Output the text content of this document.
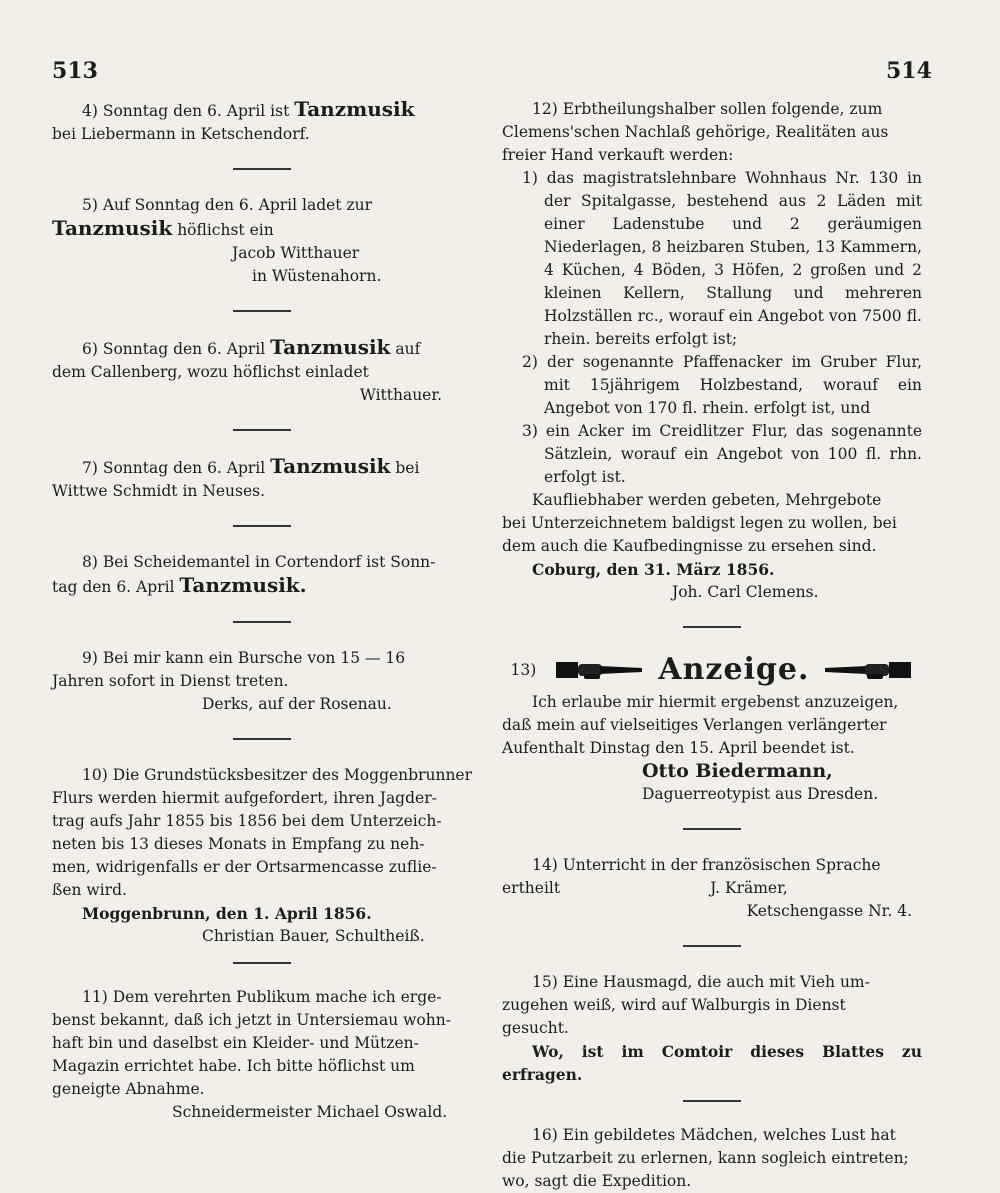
513	514

4) Sonntag den 6. April ist Tanzmusik

bei Liebermann in Ketschendorf.

5) Auf Sonntag den 6. April ladet zur

Tanzmusik höflichst ein

Jacob Witthauer

in Wüstenahorn.

6) Sonntag den 6. April Tanzmusik auf

dem Callenberg, wozu höflichst einladet

Witthauer.

7) Sonntag den 6. April Tanzmusik bei

Wittwe Schmidt in Neuses.

8) Bei Scheidemantel in Cortendorf ist Sonn-

tag den 6. April Tanzmusik.

9) Bei mir kann ein Bursche von 15 — 16

Jahren sofort in Dienst treten.

Derks, auf der Rosenau.

10) Die Grundstücksbesitzer des Moggenbrunner

Flurs werden hiermit aufgefordert, ihren Jagder-

trag aufs Jahr 1855 bis 1856 bei dem Unterzeich-

neten bis 13 dieses Monats in Empfang zu neh-

men, widrigenfalls er der Ortsarmencasse zuflie-

ßen wird.

Moggenbrunn, den 1. April 1856.

Christian Bauer, Schultheiß.

11) Dem verehrten Publikum mache ich erge-

benst bekannt, daß ich jetzt in Untersiemau wohn-

haft bin und daselbst ein Kleider- und Mützen-

Magazin errichtet habe. Ich bitte höflichst um

geneigte Abnahme.

Schneidermeister Michael Oswald.

12) Erbtheilungshalber sollen folgende, zum

Clemens'schen Nachlaß gehörige, Realitäten aus

freier Hand verkauft werden:

1) das magistratslehnbare Wohnhaus Nr. 130 in der Spitalgasse, bestehend aus 2 Läden mit einer Ladenstube und 2 geräumigen Niederlagen, 8 heizbaren Stuben, 13 Kammern, 4 Küchen, 4 Böden, 3 Höfen, 2 großen und 2 kleinen Kellern, Stallung und mehreren Holzställen rc., worauf ein Angebot von 7500 fl. rhein. bereits erfolgt ist;

2) der sogenannte Pfaffenacker im Gruber Flur, mit 15jährigem Holzbestand, worauf ein Angebot von 170 fl. rhein. erfolgt ist, und

3) ein Acker im Creidlitzer Flur, das sogenannte Sätzlein, worauf ein Angebot von 100 fl. rhn. erfolgt ist.

Kaufliebhaber werden gebeten, Mehrgebote

bei Unterzeichnetem baldigst legen zu wollen, bei

dem auch die Kaufbedingnisse zu ersehen sind.

Coburg, den 31. März 1856.

Joh. Carl Clemens.

13)	Anzeige.

Ich erlaube mir hiermit ergebenst anzuzeigen,

daß mein auf vielseitiges Verlangen verlängerter

Aufenthalt Dinstag den 15. April beendet ist.

Otto Biedermann,

Daguerreotypist aus Dresden.

14) Unterricht in der französischen Sprache

ertheilt	J. Krämer,

Ketschengasse Nr. 4.

15) Eine Hausmagd, die auch mit Vieh um-

zugehen weiß, wird auf Walburgis in Dienst

gesucht.

Wo, ist im Comtoir dieses Blattes zu erfragen.

16) Ein gebildetes Mädchen, welches Lust hat

die Putzarbeit zu erlernen, kann sogleich eintreten;

wo, sagt die Expedition.
